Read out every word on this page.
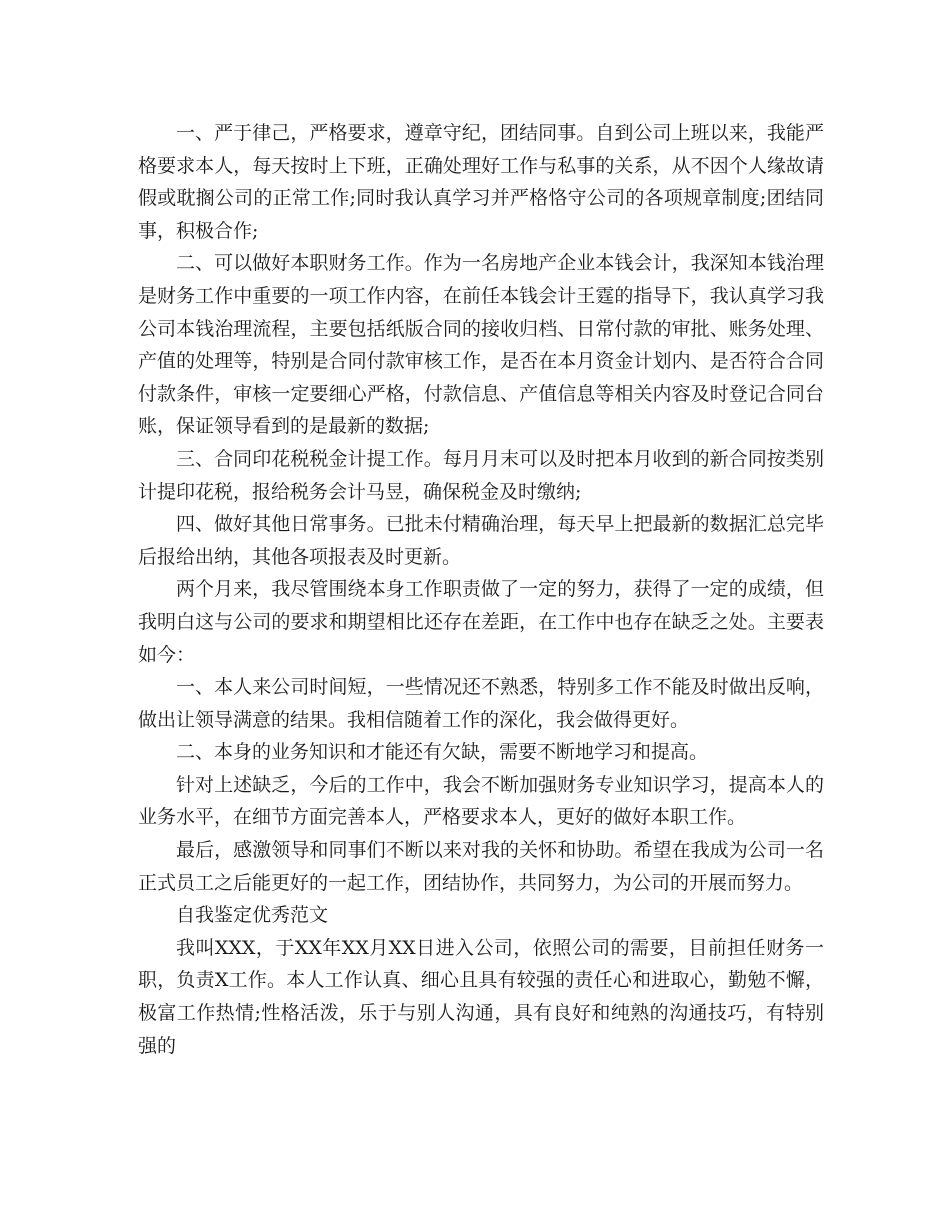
一、严于律己，严格要求，遵章守纪，团结同事。自到公司上班以来，我能严格要求本人，每天按时上下班，正确处理好工作与私事的关系，从不因个人缘故请假或耽搁公司的正常工作;同时我认真学习并严格恪守公司的各项规章制度;团结同事，积极合作;

二、可以做好本职财务工作。作为一名房地产企业本钱会计，我深知本钱治理是财务工作中重要的一项工作内容，在前任本钱会计王霆的指导下，我认真学习我公司本钱治理流程，主要包括纸版合同的接收归档、日常付款的审批、账务处理、产值的处理等，特别是合同付款审核工作，是否在本月资金计划内、是否符合合同付款条件，审核一定要细心严格，付款信息、产值信息等相关内容及时登记合同台账，保证领导看到的是最新的数据;

三、合同印花税税金计提工作。每月月末可以及时把本月收到的新合同按类别计提印花税，报给税务会计马昱，确保税金及时缴纳;

四、做好其他日常事务。已批未付精确治理，每天早上把最新的数据汇总完毕后报给出纳，其他各项报表及时更新。

两个月来，我尽管围绕本身工作职责做了一定的努力，获得了一定的成绩，但我明白这与公司的要求和期望相比还存在差距，在工作中也存在缺乏之处。主要表如今：

一、本人来公司时间短，一些情况还不熟悉，特别多工作不能及时做出反响，做出让领导满意的结果。我相信随着工作的深化，我会做得更好。

二、本身的业务知识和才能还有欠缺，需要不断地学习和提高。

针对上述缺乏，今后的工作中，我会不断加强财务专业知识学习，提高本人的业务水平，在细节方面完善本人，严格要求本人，更好的做好本职工作。

最后，感激领导和同事们不断以来对我的关怀和协助。希望在我成为公司一名正式员工之后能更好的一起工作，团结协作，共同努力，为公司的开展而努力。

自我鉴定优秀范文

我叫XXX，于XX年XX月XX日进入公司，依照公司的需要，目前担任财务一职，负责X工作。本人工作认真、细心且具有较强的责任心和进取心，勤勉不懈，极富工作热情;性格活泼，乐于与别人沟通，具有良好和纯熟的沟通技巧，有特别强的
